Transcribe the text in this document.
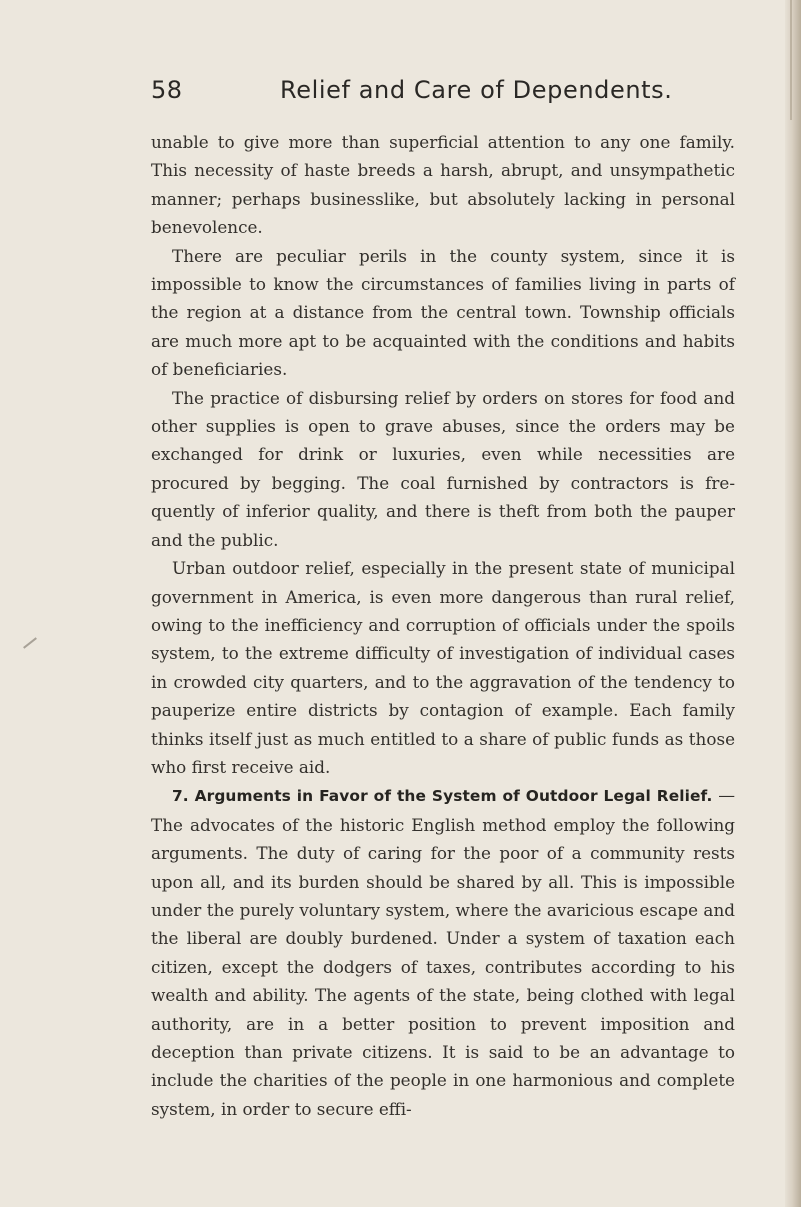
58	Relief and Care of Dependents.

unable to give more than superficial attention to any one family. This necessity of haste breeds a harsh, abrupt, and unsympathetic manner; perhaps businesslike, but absolutely lacking in personal benevolence.

There are peculiar perils in the county system, since it is impossible to know the circumstances of families living in parts of the region at a distance from the central town. Township officials are much more apt to be acquainted with the conditions and habits of beneficiaries.

The practice of disbursing relief by orders on stores for food and other supplies is open to grave abuses, since the orders may be exchanged for drink or luxuries, even while necessities are procured by begging. The coal furnished by contractors is frequently of inferior quality, and there is theft from both the pauper and the public.

Urban outdoor relief, especially in the present state of municipal government in America, is even more dangerous than rural relief, owing to the inefficiency and corruption of officials under the spoils system, to the extreme difficulty of investigation of individual cases in crowded city quarters, and to the aggravation of the tendency to pauperize entire districts by contagion of example. Each family thinks itself just as much entitled to a share of public funds as those who first receive aid.

7. Arguments in Favor of the System of Outdoor Legal Relief. — The advocates of the historic English method employ the following arguments. The duty of caring for the poor of a community rests upon all, and its burden should be shared by all. This is impossible under the purely voluntary system, where the avaricious escape and the liberal are doubly burdened. Under a system of taxation each citizen, except the dodgers of taxes, contributes according to his wealth and ability. The agents of the state, being clothed with legal authority, are in a better position to prevent imposition and deception than private citizens. It is said to be an advantage to include the charities of the people in one harmonious and complete system, in order to secure effi-
